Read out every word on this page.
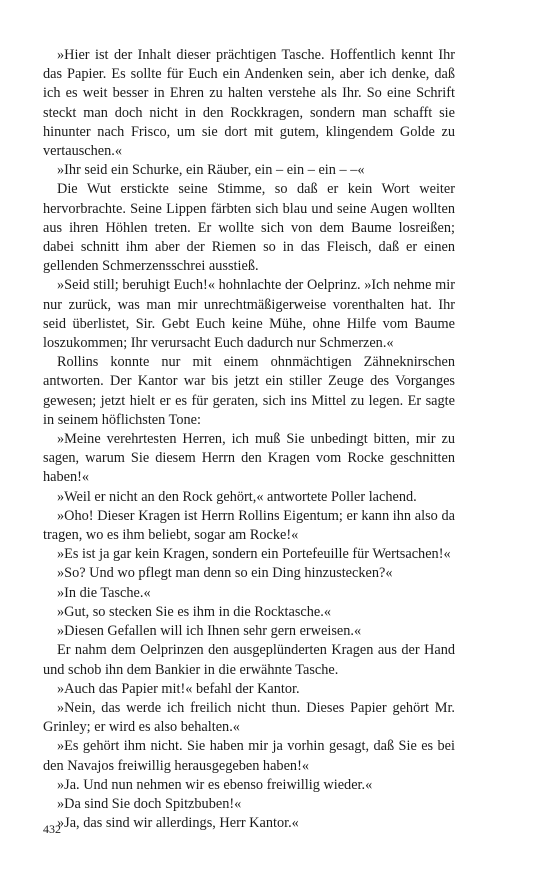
»Hier ist der Inhalt dieser prächtigen Tasche. Hoffentlich kennt Ihr das Papier. Es sollte für Euch ein Andenken sein, aber ich denke, daß ich es weit besser in Ehren zu halten verstehe als Ihr. So eine Schrift steckt man doch nicht in den Rockkragen, sondern man schafft sie hinunter nach Frisco, um sie dort mit gutem, klingendem Golde zu vertauschen.«

»Ihr seid ein Schurke, ein Räuber, ein – ein – ein – –«

Die Wut erstickte seine Stimme, so daß er kein Wort weiter hervorbrachte. Seine Lippen färbten sich blau und seine Augen wollten aus ihren Höhlen treten. Er wollte sich von dem Baume losreißen; dabei schnitt ihm aber der Riemen so in das Fleisch, daß er einen gellenden Schmerzensschrei ausstieß.

»Seid still; beruhigt Euch!« hohnlachte der Oelprinz. »Ich nehme mir nur zurück, was man mir unrechtmäßigerweise vorenthalten hat. Ihr seid überlistet, Sir. Gebt Euch keine Mühe, ohne Hilfe vom Baume loszukommen; Ihr verursacht Euch dadurch nur Schmerzen.«

Rollins konnte nur mit einem ohnmächtigen Zähneknirschen antworten. Der Kantor war bis jetzt ein stiller Zeuge des Vorganges gewesen; jetzt hielt er es für geraten, sich ins Mittel zu legen. Er sagte in seinem höflichsten Tone:

»Meine verehrtesten Herren, ich muß Sie unbedingt bitten, mir zu sagen, warum Sie diesem Herrn den Kragen vom Rocke geschnitten haben!«

»Weil er nicht an den Rock gehört,« antwortete Poller lachend.

»Oho! Dieser Kragen ist Herrn Rollins Eigentum; er kann ihn also da tragen, wo es ihm beliebt, sogar am Rocke!«

»Es ist ja gar kein Kragen, sondern ein Portefeuille für Wertsachen!«

»So? Und wo pflegt man denn so ein Ding hinzustecken?«

»In die Tasche.«

»Gut, so stecken Sie es ihm in die Rocktasche.«

»Diesen Gefallen will ich Ihnen sehr gern erweisen.«

Er nahm dem Oelprinzen den ausgeplünderten Kragen aus der Hand und schob ihn dem Bankier in die erwähnte Tasche.

»Auch das Papier mit!« befahl der Kantor.

»Nein, das werde ich freilich nicht thun. Dieses Papier gehört Mr. Grinley; er wird es also behalten.«

»Es gehört ihm nicht. Sie haben mir ja vorhin gesagt, daß Sie es bei den Navajos freiwillig herausgegeben haben!«

»Ja. Und nun nehmen wir es ebenso freiwillig wieder.«

»Da sind Sie doch Spitzbuben!«

»Ja, das sind wir allerdings, Herr Kantor.«

432
